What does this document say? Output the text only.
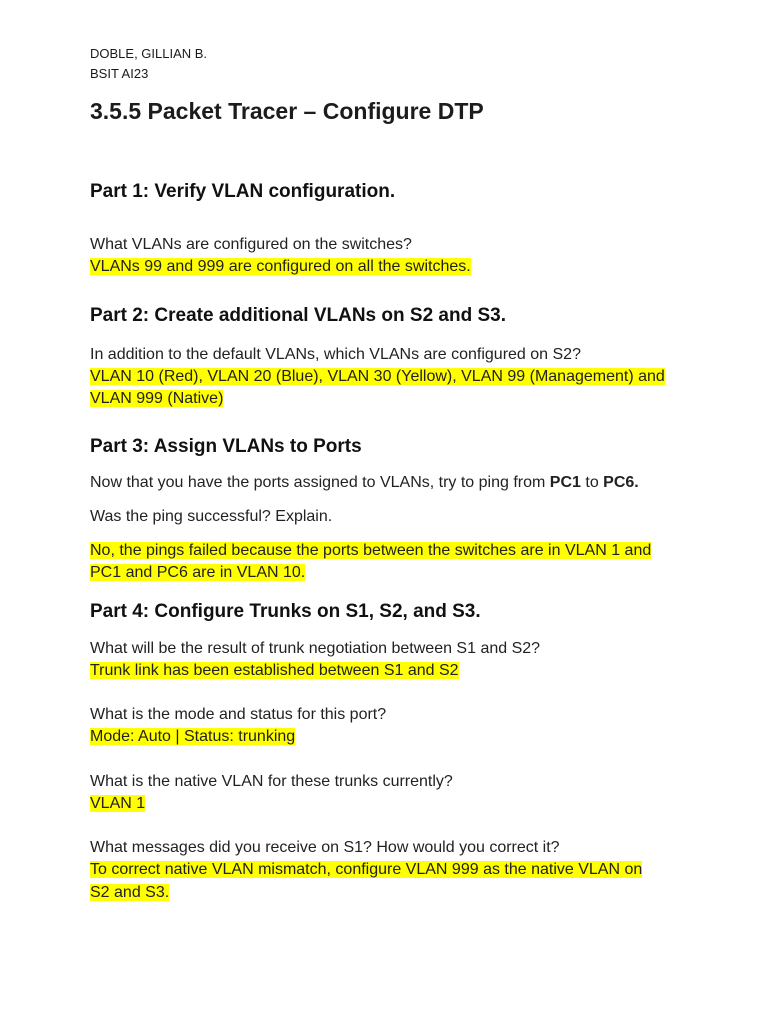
DOBLE, GILLIAN B.

BSIT AI23

3.5.5 Packet Tracer – Configure DTP
Part 1: Verify VLAN configuration.

What VLANs are configured on the switches?

VLANs 99 and 999 are configured on all the switches.

Part 2: Create additional VLANs on S2 and S3.

In addition to the default VLANs, which VLANs are configured on S2?

VLAN 10 (Red), VLAN 20 (Blue), VLAN 30 (Yellow), VLAN 99 (Management) and
VLAN 999 (Native)

Part 3: Assign VLANs to Ports

Now that you have the ports assigned to VLANs, try to ping from PC1 to PC6.

Was the ping successful? Explain.

No, the pings failed because the ports between the switches are in VLAN 1 and
PC1 and PC6 are in VLAN 10.

Part 4: Configure Trunks on S1, S2, and S3.

What will be the result of trunk negotiation between S1 and S2?

Trunk link has been established between S1 and S2

What is the mode and status for this port?

Mode: Auto | Status: trunking

What is the native VLAN for these trunks currently?

VLAN 1

What messages did you receive on S1? How would you correct it?

To correct native VLAN mismatch, configure VLAN 999 as the native VLAN on
S2 and S3.
